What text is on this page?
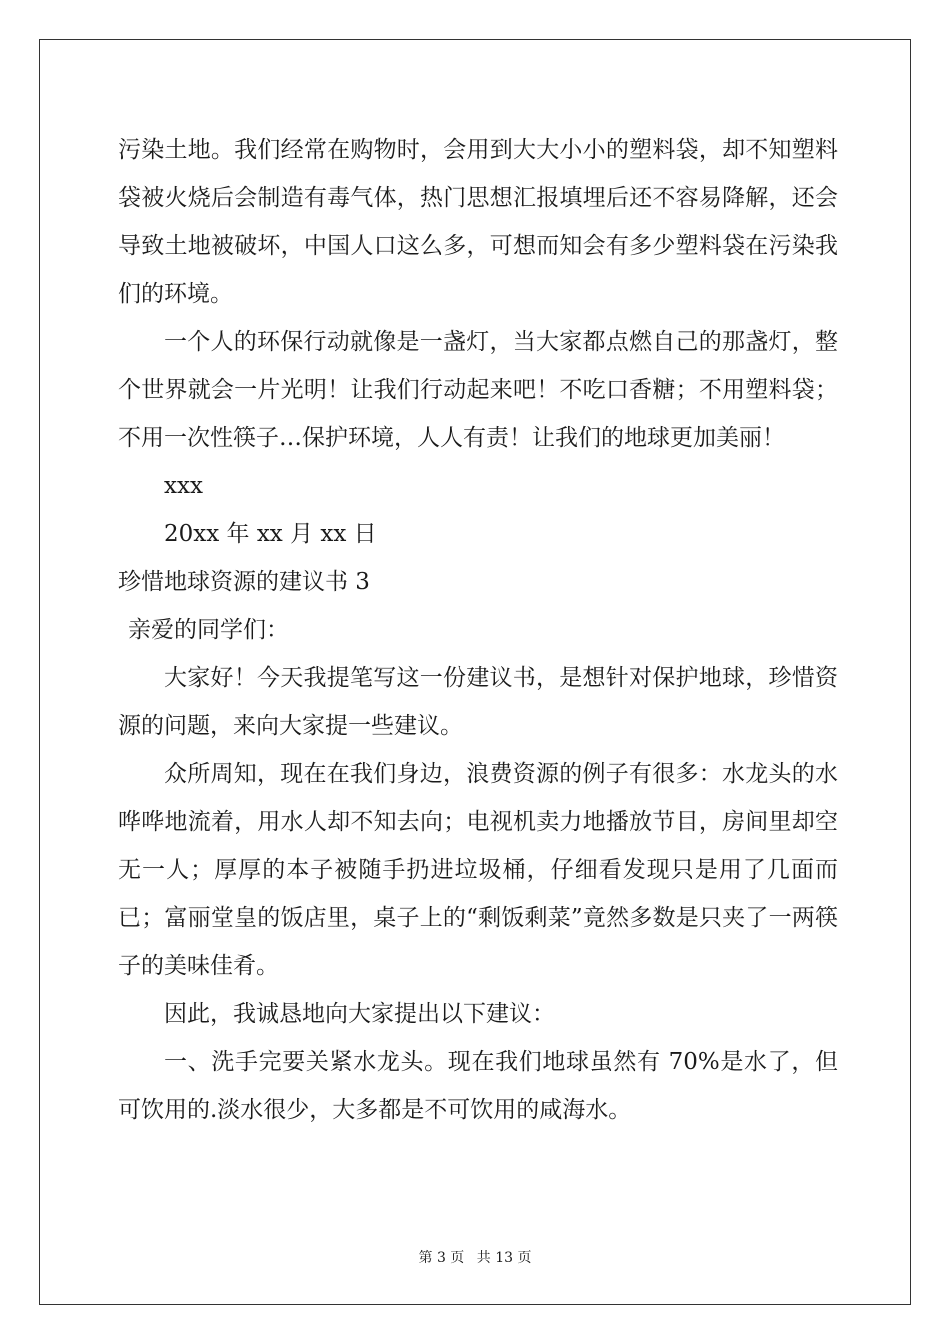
污染土地。我们经常在购物时，会用到大大小小的塑料袋，却不知塑料袋被火烧后会制造有毒气体，热门思想汇报填埋后还不容易降解，还会导致土地被破坏，中国人口这么多，可想而知会有多少塑料袋在污染我们的环境。

一个人的环保行动就像是一盏灯，当大家都点燃自己的那盏灯，整个世界就会一片光明！让我们行动起来吧！不吃口香糖；不用塑料袋；不用一次性筷子…保护环境，人人有责！让我们的地球更加美丽！

xxx

20xx 年 xx 月 xx 日

珍惜地球资源的建议书 3

亲爱的同学们：

大家好！今天我提笔写这一份建议书，是想针对保护地球，珍惜资源的问题，来向大家提一些建议。

众所周知，现在在我们身边，浪费资源的例子有很多：水龙头的水哗哗地流着，用水人却不知去向；电视机卖力地播放节目，房间里却空无一人；厚厚的本子被随手扔进垃圾桶，仔细看发现只是用了几面而已；富丽堂皇的饭店里，桌子上的“剩饭剩菜”竟然多数是只夹了一两筷子的美味佳肴。

因此，我诚恳地向大家提出以下建议：

一、洗手完要关紧水龙头。现在我们地球虽然有 70%是水了，但可饮用的.淡水很少，大多都是不可饮用的咸海水。

第 3 页 共 13 页
